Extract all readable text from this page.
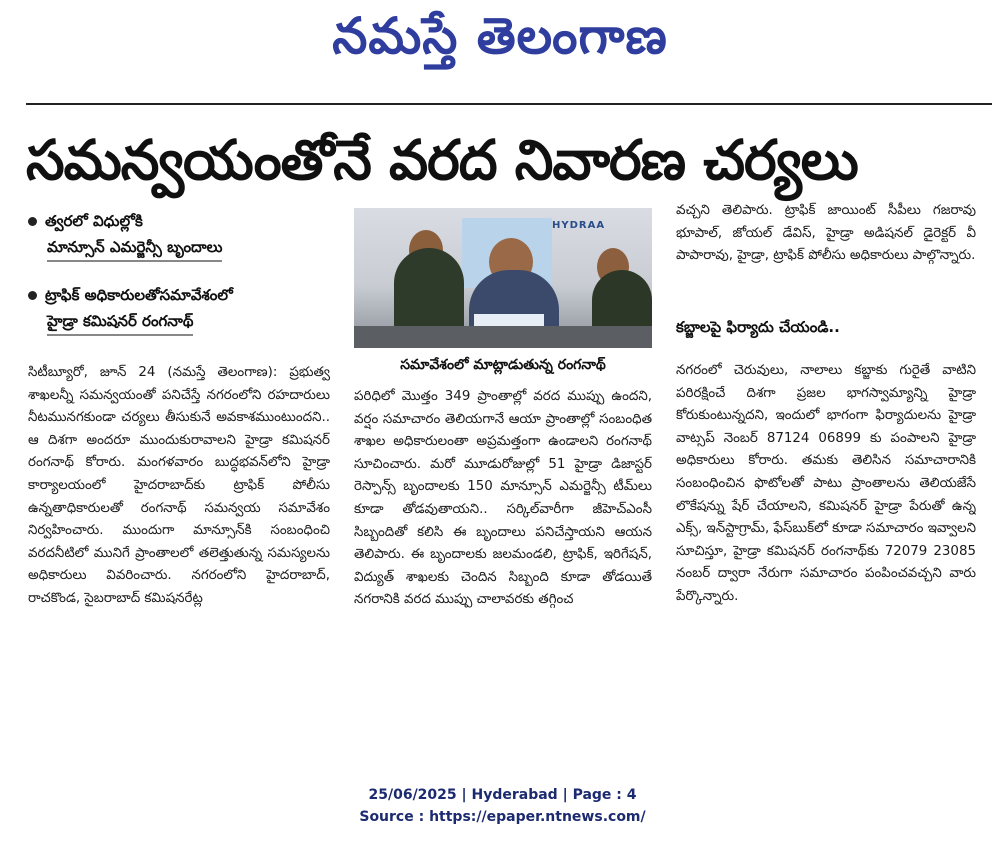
నమస్తే తెలంగాణ
సమన్వయంతోనే వరద నివారణ చర్యలు
త్వరలో విధుల్లోకి
మాన్సూన్ ఎమర్జెన్సీ బృందాలు
ట్రాఫిక్ అధికారులతోసమావేశంలో
హైడ్రా కమిషనర్ రంగనాథ్

సిటీబ్యూరో, జూన్ 24 (నమస్తే తెలంగాణ): ప్రభుత్వ శాఖలన్నీ సమన్వయంతో పనిచేస్తే నగరంలోని రహదారులు నీటమునగకుండా చర్యలు తీసుకునే అవకాశముంటుందని.. ఆ దిశగా అందరూ ముందుకురావాలని హైడ్రా కమిషనర్ రంగనాథ్ కోరారు. మంగళవారం బుద్ధభవన్‌లోని హైడ్రా కార్యాలయంలో హైదరాబాద్‌కు ట్రాఫిక్ పోలీసు ఉన్నతాధికారులతో రంగనాథ్ సమన్వయ సమావేశం నిర్వహించారు. ముందుగా మాన్సూన్‌కి సంబంధించి వరదనీటిలో మునిగే ప్రాంతాలలో తలెత్తుతున్న సమస్యలను అధికారులు వివరించారు. నగరంలోని హైదరాబాద్, రాచకొండ, సైబరాబాద్ కమిషనరేట్ల

HYDRAA
సమావేశంలో మాట్లాడుతున్న రంగనాథ్

పరిధిలో మొత్తం 349 ప్రాంతాల్లో వరద ముప్పు ఉందని, వర్షం సమాచారం తెలియగానే ఆయా ప్రాంతాల్లో సంబంధిత శాఖల అధికారులంతా అప్రమత్తంగా ఉండాలని రంగనాథ్ సూచించారు. మరో మూడురోజుల్లో 51 హైడ్రా డిజాస్టర్ రెస్పాన్స్ బృందాలకు 150 మాన్సూన్ ఎమర్జెన్సీ టీమ్‌లు కూడా తోడవుతాయని.. సర్కిల్‌వారీగా జీహెచ్ఎంసీ సిబ్బందితో కలిసి ఈ బృందాలు పనిచేస్తాయని ఆయన తెలిపారు. ఈ బృందాలకు జలమండలి, ట్రాఫిక్, ఇరిగేషన్, విద్యుత్ శాఖలకు చెందిన సిబ్బంది కూడా తోడయితే నగరానికి వరద ముప్పు చాలావరకు తగ్గించ

వచ్చని తెలిపారు. ట్రాఫిక్ జాయింట్ సీపీలు గజరావు భూపాల్, జోయల్ డేవిస్, హైడ్రా అడిషనల్ డైరెక్టర్ వీ పాపారావు, హైడ్రా, ట్రాఫిక్ పోలీసు అధికారులు పాల్గొన్నారు.

కబ్జాలపై ఫిర్యాదు చేయండి..

నగరంలో చెరువులు, నాలాలు కబ్జాకు గురైతే వాటిని పరిరక్షించే దిశగా ప్రజల భాగస్వామ్యాన్ని హైడ్రా కోరుకుంటున్నదని, ఇందులో భాగంగా ఫిర్యాదులను హైడ్రా వాట్సప్ నెంబర్ 87124 06899 కు పంపాలని హైడ్రా అధికారులు కోరారు. తమకు తెలిసిన సమాచారానికి సంబంధించిన ఫొటోలతో పాటు ప్రాంతాలను తెలియజేసే లొకేషన్ను షేర్ చేయాలని, కమిషనర్ హైడ్రా పేరుతో ఉన్న ఎక్స్, ఇన్‌స్టాగ్రామ్, ఫేస్‌బుక్‌లో కూడా సమాచారం ఇవ్వాలని సూచిస్తూ, హైడ్రా కమిషనర్ రంగనాథ్‌కు 72079 23085 నంబర్ ద్వారా నేరుగా సమాచారం పంపించవచ్చని వారు పేర్కొన్నారు.

25/06/2025 | Hyderabad | Page : 4
Source : https://epaper.ntnews.com/
